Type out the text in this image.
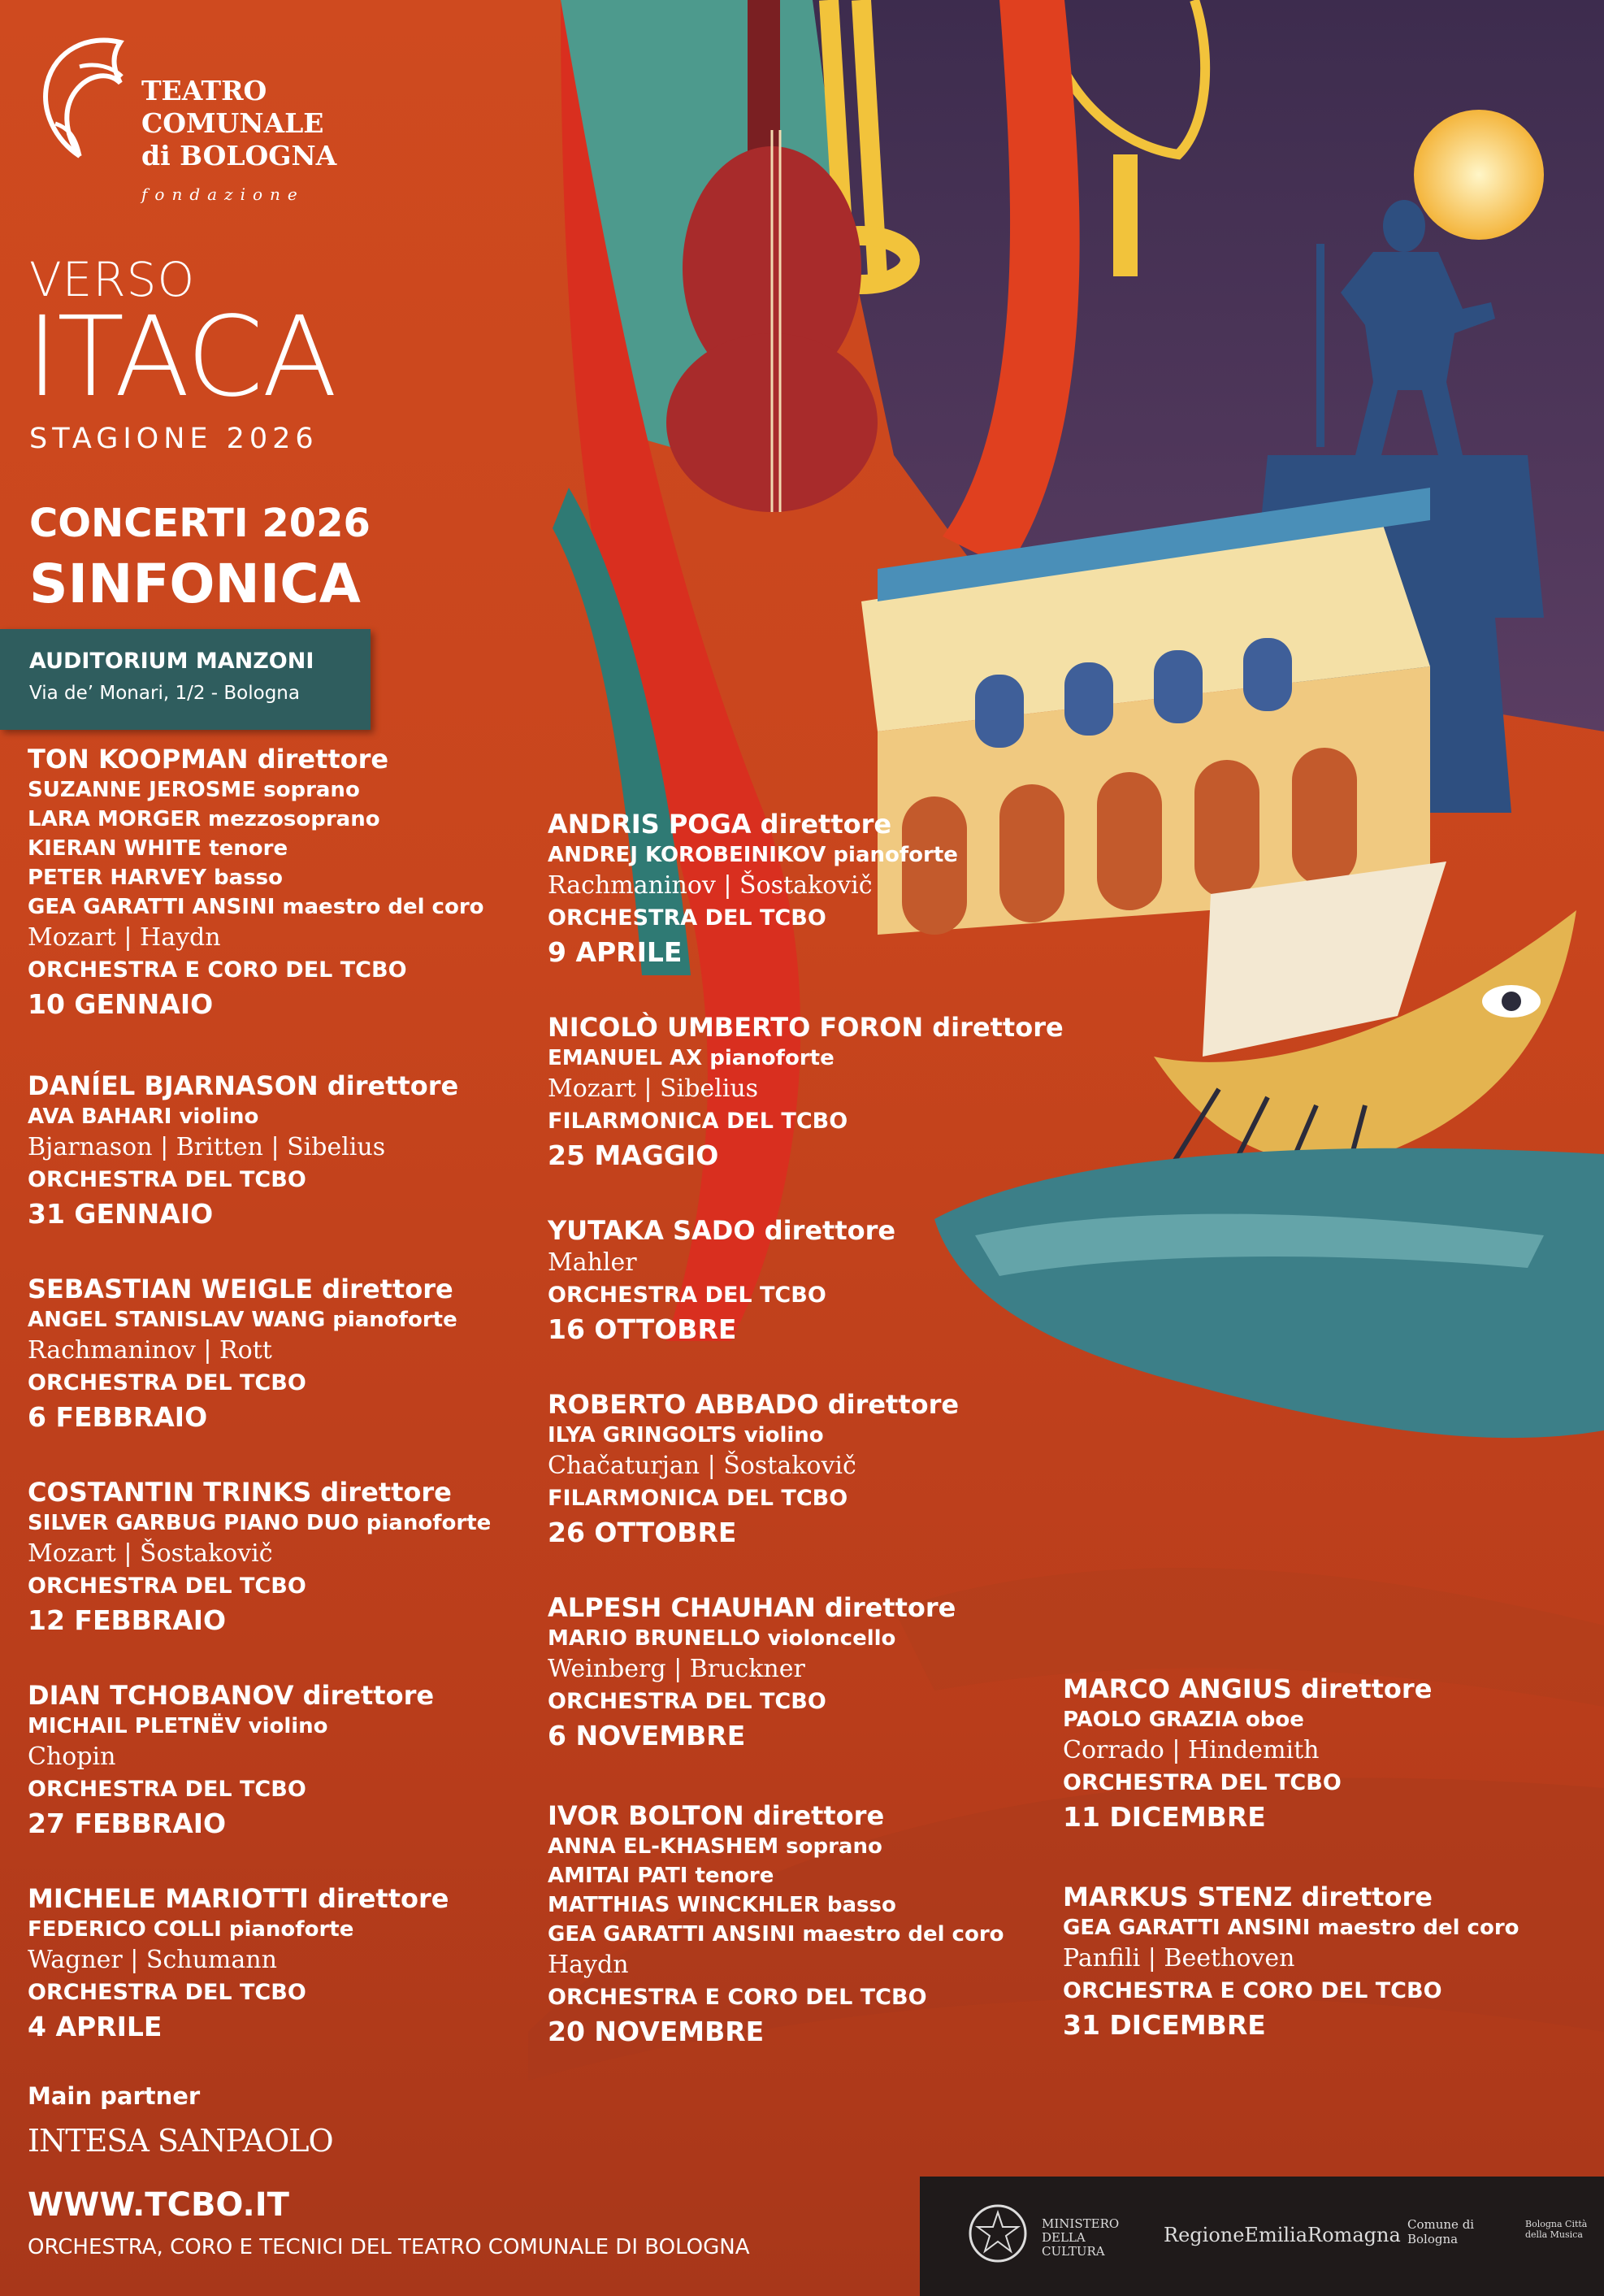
TEATRO
COMUNALE
di BOLOGNA
fondazione
VERSO
ITACA
STAGIONE 2026
CONCERTI 2026
SINFONICA
AUDITORIUM MANZONI
Via de’ Monari, 1/2 - Bologna
TON KOOPMAN direttore
SUZANNE JEROSME soprano
LARA MORGER mezzosoprano
KIERAN WHITE tenore
PETER HARVEY basso
GEA GARATTI ANSINI maestro del coro
Mozart | Haydn
ORCHESTRA E CORO DEL TCBO
10 GENNAIO
DANÍEL BJARNASON direttore
AVA BAHARI violino
Bjarnason | Britten | Sibelius
ORCHESTRA DEL TCBO
31 GENNAIO
SEBASTIAN WEIGLE direttore
ANGEL STANISLAV WANG pianoforte
Rachmaninov | Rott
ORCHESTRA DEL TCBO
6 FEBBRAIO
COSTANTIN TRINKS direttore
SILVER GARBUG PIANO DUO pianoforte
Mozart | Šostakovič
ORCHESTRA DEL TCBO
12 FEBBRAIO
DIAN TCHOBANOV direttore
MICHAIL PLETNËV violino
Chopin
ORCHESTRA DEL TCBO
27 FEBBRAIO
MICHELE MARIOTTI direttore
FEDERICO COLLI pianoforte
Wagner | Schumann
ORCHESTRA DEL TCBO
4 APRILE
ANDRIS POGA direttore
ANDREJ KOROBEINIKOV pianoforte
Rachmaninov | Šostakovič
ORCHESTRA DEL TCBO
9 APRILE
NICOLÒ UMBERTO FORON direttore
EMANUEL AX pianoforte
Mozart | Sibelius
FILARMONICA DEL TCBO
25 MAGGIO
YUTAKA SADO direttore
Mahler
ORCHESTRA DEL TCBO
16 OTTOBRE
ROBERTO ABBADO direttore
ILYA GRINGOLTS violino
Chačaturjan | Šostakovič
FILARMONICA DEL TCBO
26 OTTOBRE
ALPESH CHAUHAN direttore
MARIO BRUNELLO violoncello
Weinberg | Bruckner
ORCHESTRA DEL TCBO
6 NOVEMBRE
IVOR BOLTON direttore
ANNA EL-KHASHEM soprano
AMITAI PATI tenore
MATTHIAS WINCKHLER basso
GEA GARATTI ANSINI maestro del coro
Haydn
ORCHESTRA E CORO DEL TCBO
20 NOVEMBRE
MARCO ANGIUS direttore
PAOLO GRAZIA oboe
Corrado | Hindemith
ORCHESTRA DEL TCBO
11 DICEMBRE
MARKUS STENZ direttore
GEA GARATTI ANSINI maestro del coro
Panfili | Beethoven
ORCHESTRA E CORO DEL TCBO
31 DICEMBRE
Main partner
INTESA SANPAOLO
WWW.TCBO.IT
ORCHESTRA, CORO E TECNICI DEL TEATRO COMUNALE DI BOLOGNA
MINISTERO DELLA CULTURA
RegioneEmiliaRomagna Comune di Bologna
Bologna Città della Musica
